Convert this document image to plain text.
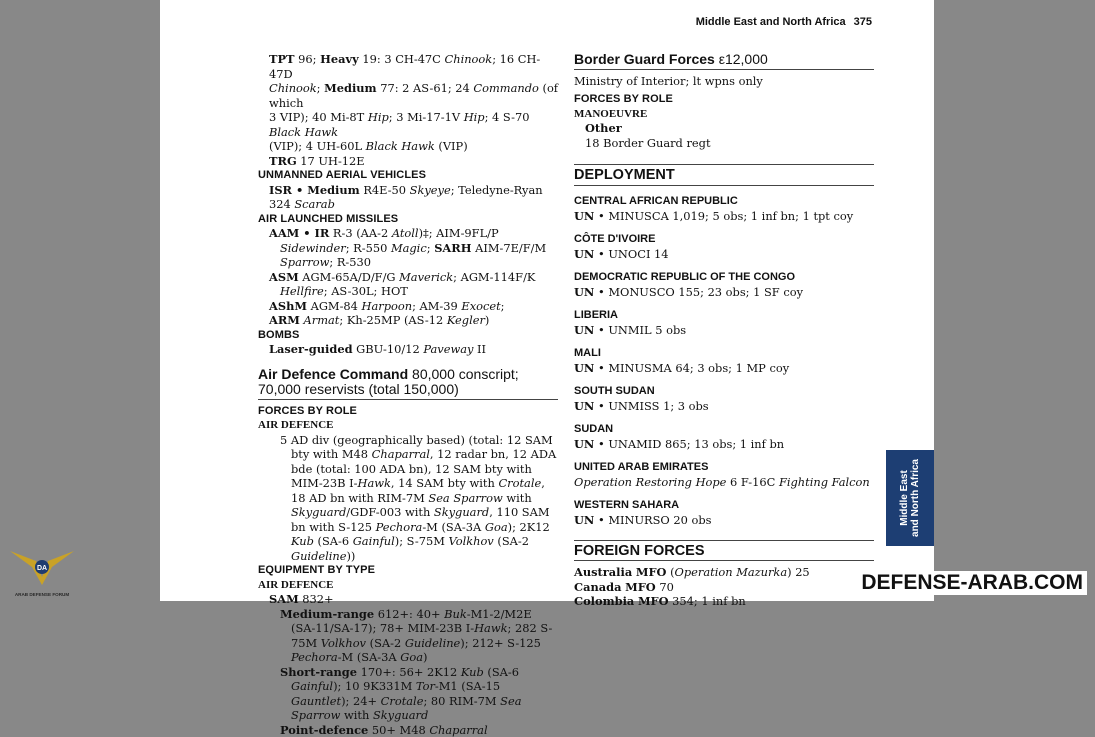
Middle East and North Africa 375
TPT 96; Heavy 19: 3 CH-47C Chinook; 16 CH-47D
Chinook; Medium 77: 2 AS-61; 24 Commando (of which
3 VIP); 40 Mi-8T Hip; 3 Mi-17-1V Hip; 4 S-70 Black Hawk
(VIP); 4 UH-60L Black Hawk (VIP)
TRG 17 UH-12E
UNMANNED AERIAL VEHICLES
ISR • Medium R4E-50 Skyeye; Teledyne-Ryan 324 Scarab
AIR LAUNCHED MISSILES
AAM • IR R-3 (AA-2 Atoll)‡; AIM-9FL/P Sidewinder; R-550 Magic; SARH AIM-7E/F/M Sparrow; R-530
ASM AGM-65A/D/F/G Maverick; AGM-114F/K Hellfire; AS-30L; HOT
AShM AGM-84 Harpoon; AM-39 Exocet;
ARM Armat; Kh-25MP (AS-12 Kegler)
BOMBS
Laser-guided GBU-10/12 Paveway II
Air Defence Command 80,000 conscript; 70,000 reservists (total 150,000)
FORCES BY ROLE
AIR DEFENCE
5 AD div (geographically based) (total: 12 SAM bty with M48 Chaparral, 12 radar bn, 12 ADA bde (total: 100 ADA bn), 12 SAM bty with MIM-23B I-Hawk, 14 SAM bty with Crotale, 18 AD bn with RIM-7M Sea Sparrow with Skyguard/GDF-003 with Skyguard, 110 SAM bn with S-125 Pechora-M (SA-3A Goa); 2K12 Kub (SA-6 Gainful); S-75M Volkhov (SA-2 Guideline))
EQUIPMENT BY TYPE
AIR DEFENCE
SAM 832+
Medium-range 612+: 40+ Buk-M1-2/M2E (SA-11/SA-17); 78+ MIM-23B I-Hawk; 282 S-75M Volkhov (SA-2 Guideline); 212+ S-125 Pechora-M (SA-3A Goa)
Short-range 170+: 56+ 2K12 Kub (SA-6 Gainful); 10 9K331M Tor-M1 (SA-15 Gauntlet); 24+ Crotale; 80 RIM-7M Sea Sparrow with Skyguard
Point-defence 50+ M48 Chaparral
Border Guard Forces ε12,000
Ministry of Interior; lt wpns only
FORCES BY ROLE
MANOEUVRE
Other
18 Border Guard regt
DEPLOYMENT
CENTRAL AFRICAN REPUBLIC
UN • MINUSCA 1,019; 5 obs; 1 inf bn; 1 tpt coy
CÔTE D'IVOIRE
UN • UNOCI 14
DEMOCRATIC REPUBLIC OF THE CONGO
UN • MONUSCO 155; 23 obs; 1 SF coy
LIBERIA
UN • UNMIL 5 obs
MALI
UN • MINUSMA 64; 3 obs; 1 MP coy
SOUTH SUDAN
UN • UNMISS 1; 3 obs
SUDAN
UN • UNAMID 865; 13 obs; 1 inf bn
UNITED ARAB EMIRATES
Operation Restoring Hope 6 F-16C Fighting Falcon
WESTERN SAHARA
UN • MINURSO 20 obs
FOREIGN FORCES
Australia MFO (Operation Mazurka) 25
Canada MFO 70
Colombia MFO 354; 1 inf bn
Middle East and North Africa
DA
ARAB DEFENSE FORUM
DEFENSE-ARAB.COM
